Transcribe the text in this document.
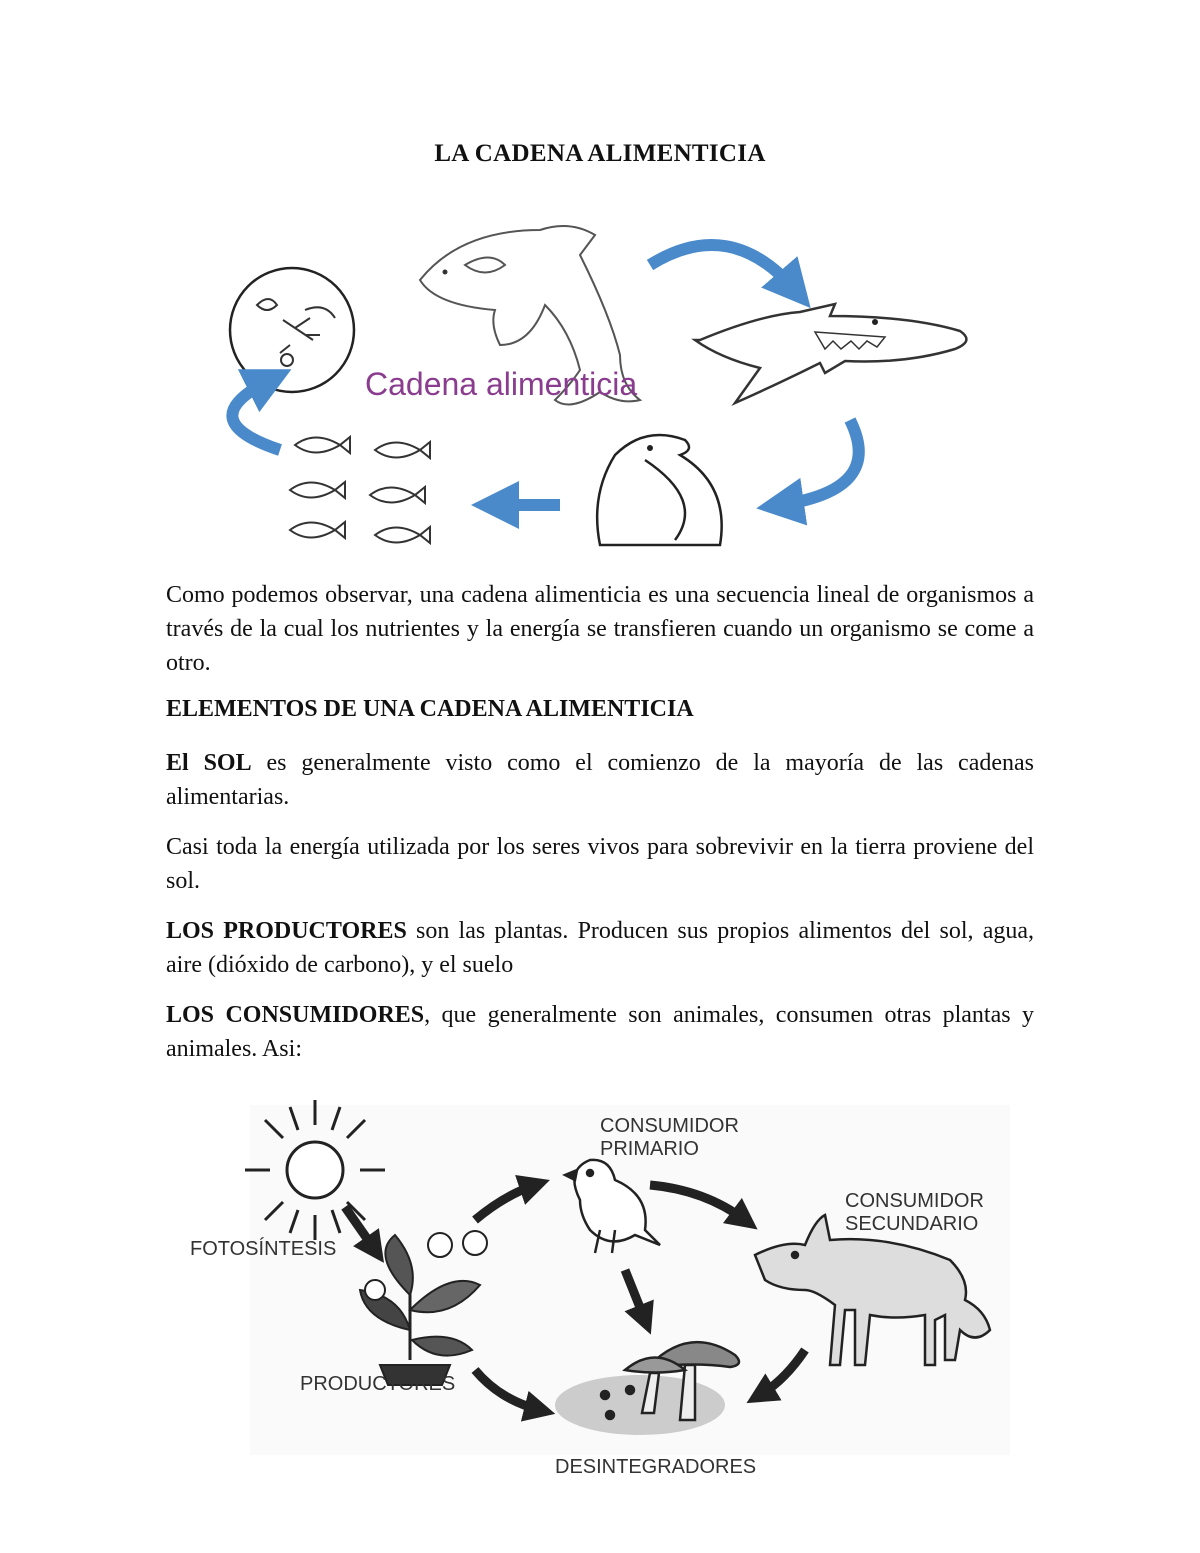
LA CADENA ALIMENTICIA
Cadena alimenticia
Como podemos observar, una cadena alimenticia es una secuencia lineal de organismos a través de la cual los nutrientes y la energía se transfieren cuando un organismo se come a otro.
ELEMENTOS DE UNA CADENA ALIMENTICIA
El SOL es generalmente visto como el comienzo de la mayoría de las cadenas alimentarias.
Casi toda la energía utilizada por los seres vivos para sobrevivir en la tierra proviene del sol.
LOS PRODUCTORES son las plantas. Producen sus propios alimentos del sol, agua, aire (dióxido de carbono), y el suelo
LOS CONSUMIDORES, que generalmente son animales, consumen otras plantas y animales. Asi:
FOTOSÍNTESIS
PRODUCTORES
CONSUMIDOR
PRIMARIO
CONSUMIDOR
SECUNDARIO
DESINTEGRADORES
